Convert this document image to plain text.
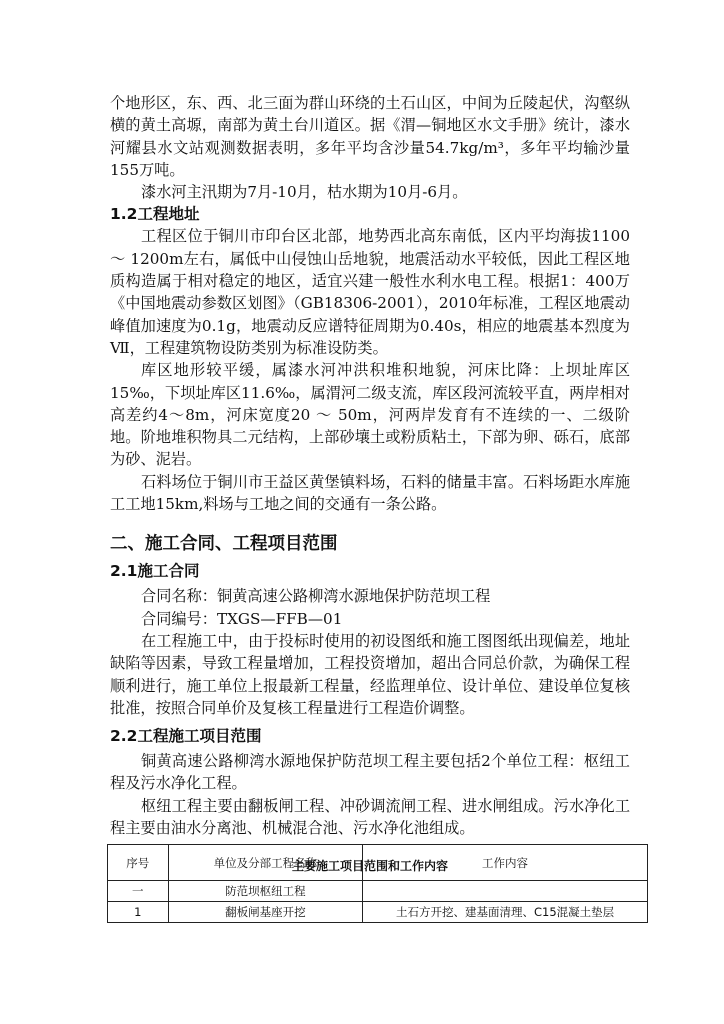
个地形区，东、西、北三面为群山环绕的土石山区，中间为丘陵起伏，沟壑纵横的黄土高塬，南部为黄土台川道区。据《渭—铜地区水文手册》统计，漆水河耀县水文站观测数据表明，多年平均含沙量54.7kg/m³，多年平均输沙量155万吨。

漆水河主汛期为7月-10月，枯水期为10月-6月。

1.2工程地址

工程区位于铜川市印台区北部，地势西北高东南低，区内平均海拔1100 ～ 1200m左右，属低中山侵蚀山岳地貌，地震活动水平较低，因此工程区地质构造属于相对稳定的地区，适宜兴建一般性水利水电工程。根据1：400万《中国地震动参数区划图》（GB18306-2001），2010年标准，工程区地震动峰值加速度为0.1g，地震动反应谱特征周期为0.40s，相应的地震基本烈度为Ⅶ，工程建筑物设防类别为标准设防类。

库区地形较平缓，属漆水河冲洪积堆积地貌，河床比降：上坝址库区15‰，下坝址库区11.6‰，属渭河二级支流，库区段河流较平直，两岸相对高差约4～8m，河床宽度20 ～ 50m，河两岸发育有不连续的一、二级阶地。阶地堆积物具二元结构，上部砂壤土或粉质粘土，下部为卵、砾石，底部为砂、泥岩。

石料场位于铜川市王益区黄堡镇料场，石料的储量丰富。石料场距水库施工工地15km,料场与工地之间的交通有一条公路。

二、施工合同、工程项目范围
2.1施工合同

合同名称：铜黄高速公路柳湾水源地保护防范坝工程

合同编号：TXGS—FFB—01

在工程施工中，由于投标时使用的初设图纸和施工图图纸出现偏差，地址缺陷等因素，导致工程量增加，工程投资增加，超出合同总价款，为确保工程顺利进行，施工单位上报最新工程量，经监理单位、设计单位、建设单位复核批准，按照合同单价及复核工程量进行工程造价调整。

2.2工程施工项目范围

铜黄高速公路柳湾水源地保护防范坝工程主要包括2个单位工程：枢纽工程及污水净化工程。

枢纽工程主要由翻板闸工程、冲砂调流闸工程、进水闸组成。污水净化工程主要由油水分离池、机械混合池、污水净化池组成。

主要施工项目范围和工作内容
序号	单位及分部工程名称	工作内容
一	防范坝枢纽工程	
1	翻板闸基座开挖	土石方开挖、建基面清理、C15混凝土垫层
